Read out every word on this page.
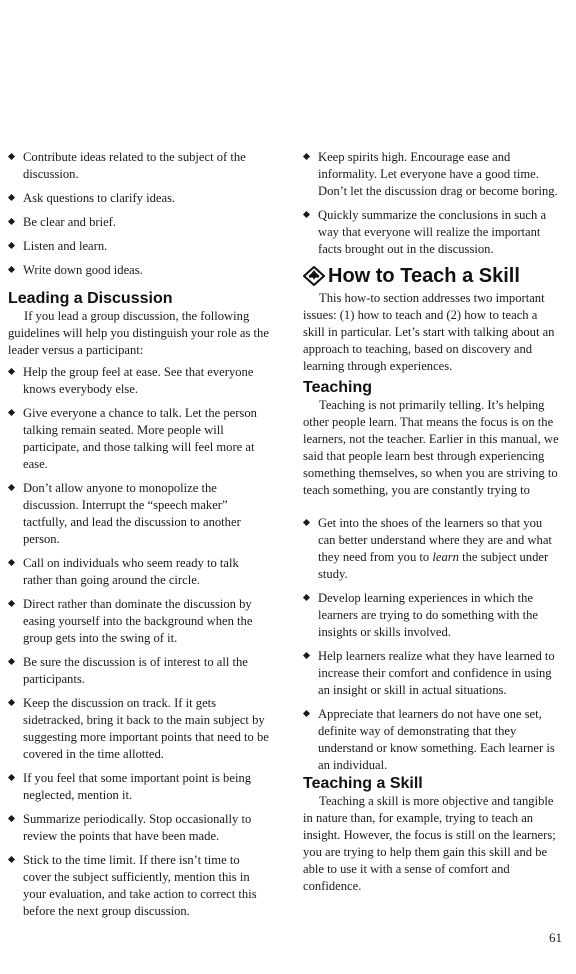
Contribute ideas related to the subject of the discussion.
Ask questions to clarify ideas.
Be clear and brief.
Listen and learn.
Write down good ideas.
Leading a Discussion

If you lead a group discussion, the following guidelines will help you distinguish your role as the leader versus a participant:

Help the group feel at ease. See that everyone knows everybody else.
Give everyone a chance to talk. Let the person talking remain seated. More people will participate, and those talking will feel more at ease.
Don’t allow anyone to monopolize the discussion. Interrupt the “speech maker” tactfully, and lead the discussion to another person.
Call on individuals who seem ready to talk rather than going around the circle.
Direct rather than dominate the discussion by easing yourself into the background when the group gets into the swing of it.
Be sure the discussion is of interest to all the participants.
Keep the discussion on track. If it gets sidetracked, bring it back to the main subject by suggesting more important points that need to be covered in the time allotted.
If you feel that some important point is being neglected, mention it.
Summarize periodically. Stop occasionally to review the points that have been made.
Stick to the time limit. If there isn’t time to cover the subject sufficiently, mention this in your evaluation, and take action to correct this before the next group discussion.
Keep spirits high. Encourage ease and informality. Let everyone have a good time. Don’t let the discussion drag or become boring.
Quickly summarize the conclusions in such a way that everyone will realize the important facts brought out in the discussion.
How to Teach a Skill

This how-to section addresses two important issues: (1) how to teach and (2) how to teach a skill in particular. Let’s start with talking about an approach to teaching, based on discovery and learning through experiences.

Teaching

Teaching is not primarily telling. It’s helping other people learn. That means the focus is on the learners, not the teacher. Earlier in this manual, we said that people learn best through experiencing something themselves, so when you are striving to teach something, you are constantly trying to

Get into the shoes of the learners so that you can better understand where they are and what they need from you to learn the subject under study.
Develop learning experiences in which the learners are trying to do something with the insights or skills involved.
Help learners realize what they have learned to increase their comfort and confidence in using an insight or skill in actual situations.
Appreciate that learners do not have one set, definite way of demonstrating that they understand or know something. Each learner is an individual.
Teaching a Skill

Teaching a skill is more objective and tangible in nature than, for example, trying to teach an insight. However, the focus is still on the learners; you are trying to help them gain this skill and be able to use it with a sense of comfort and confidence.

61
